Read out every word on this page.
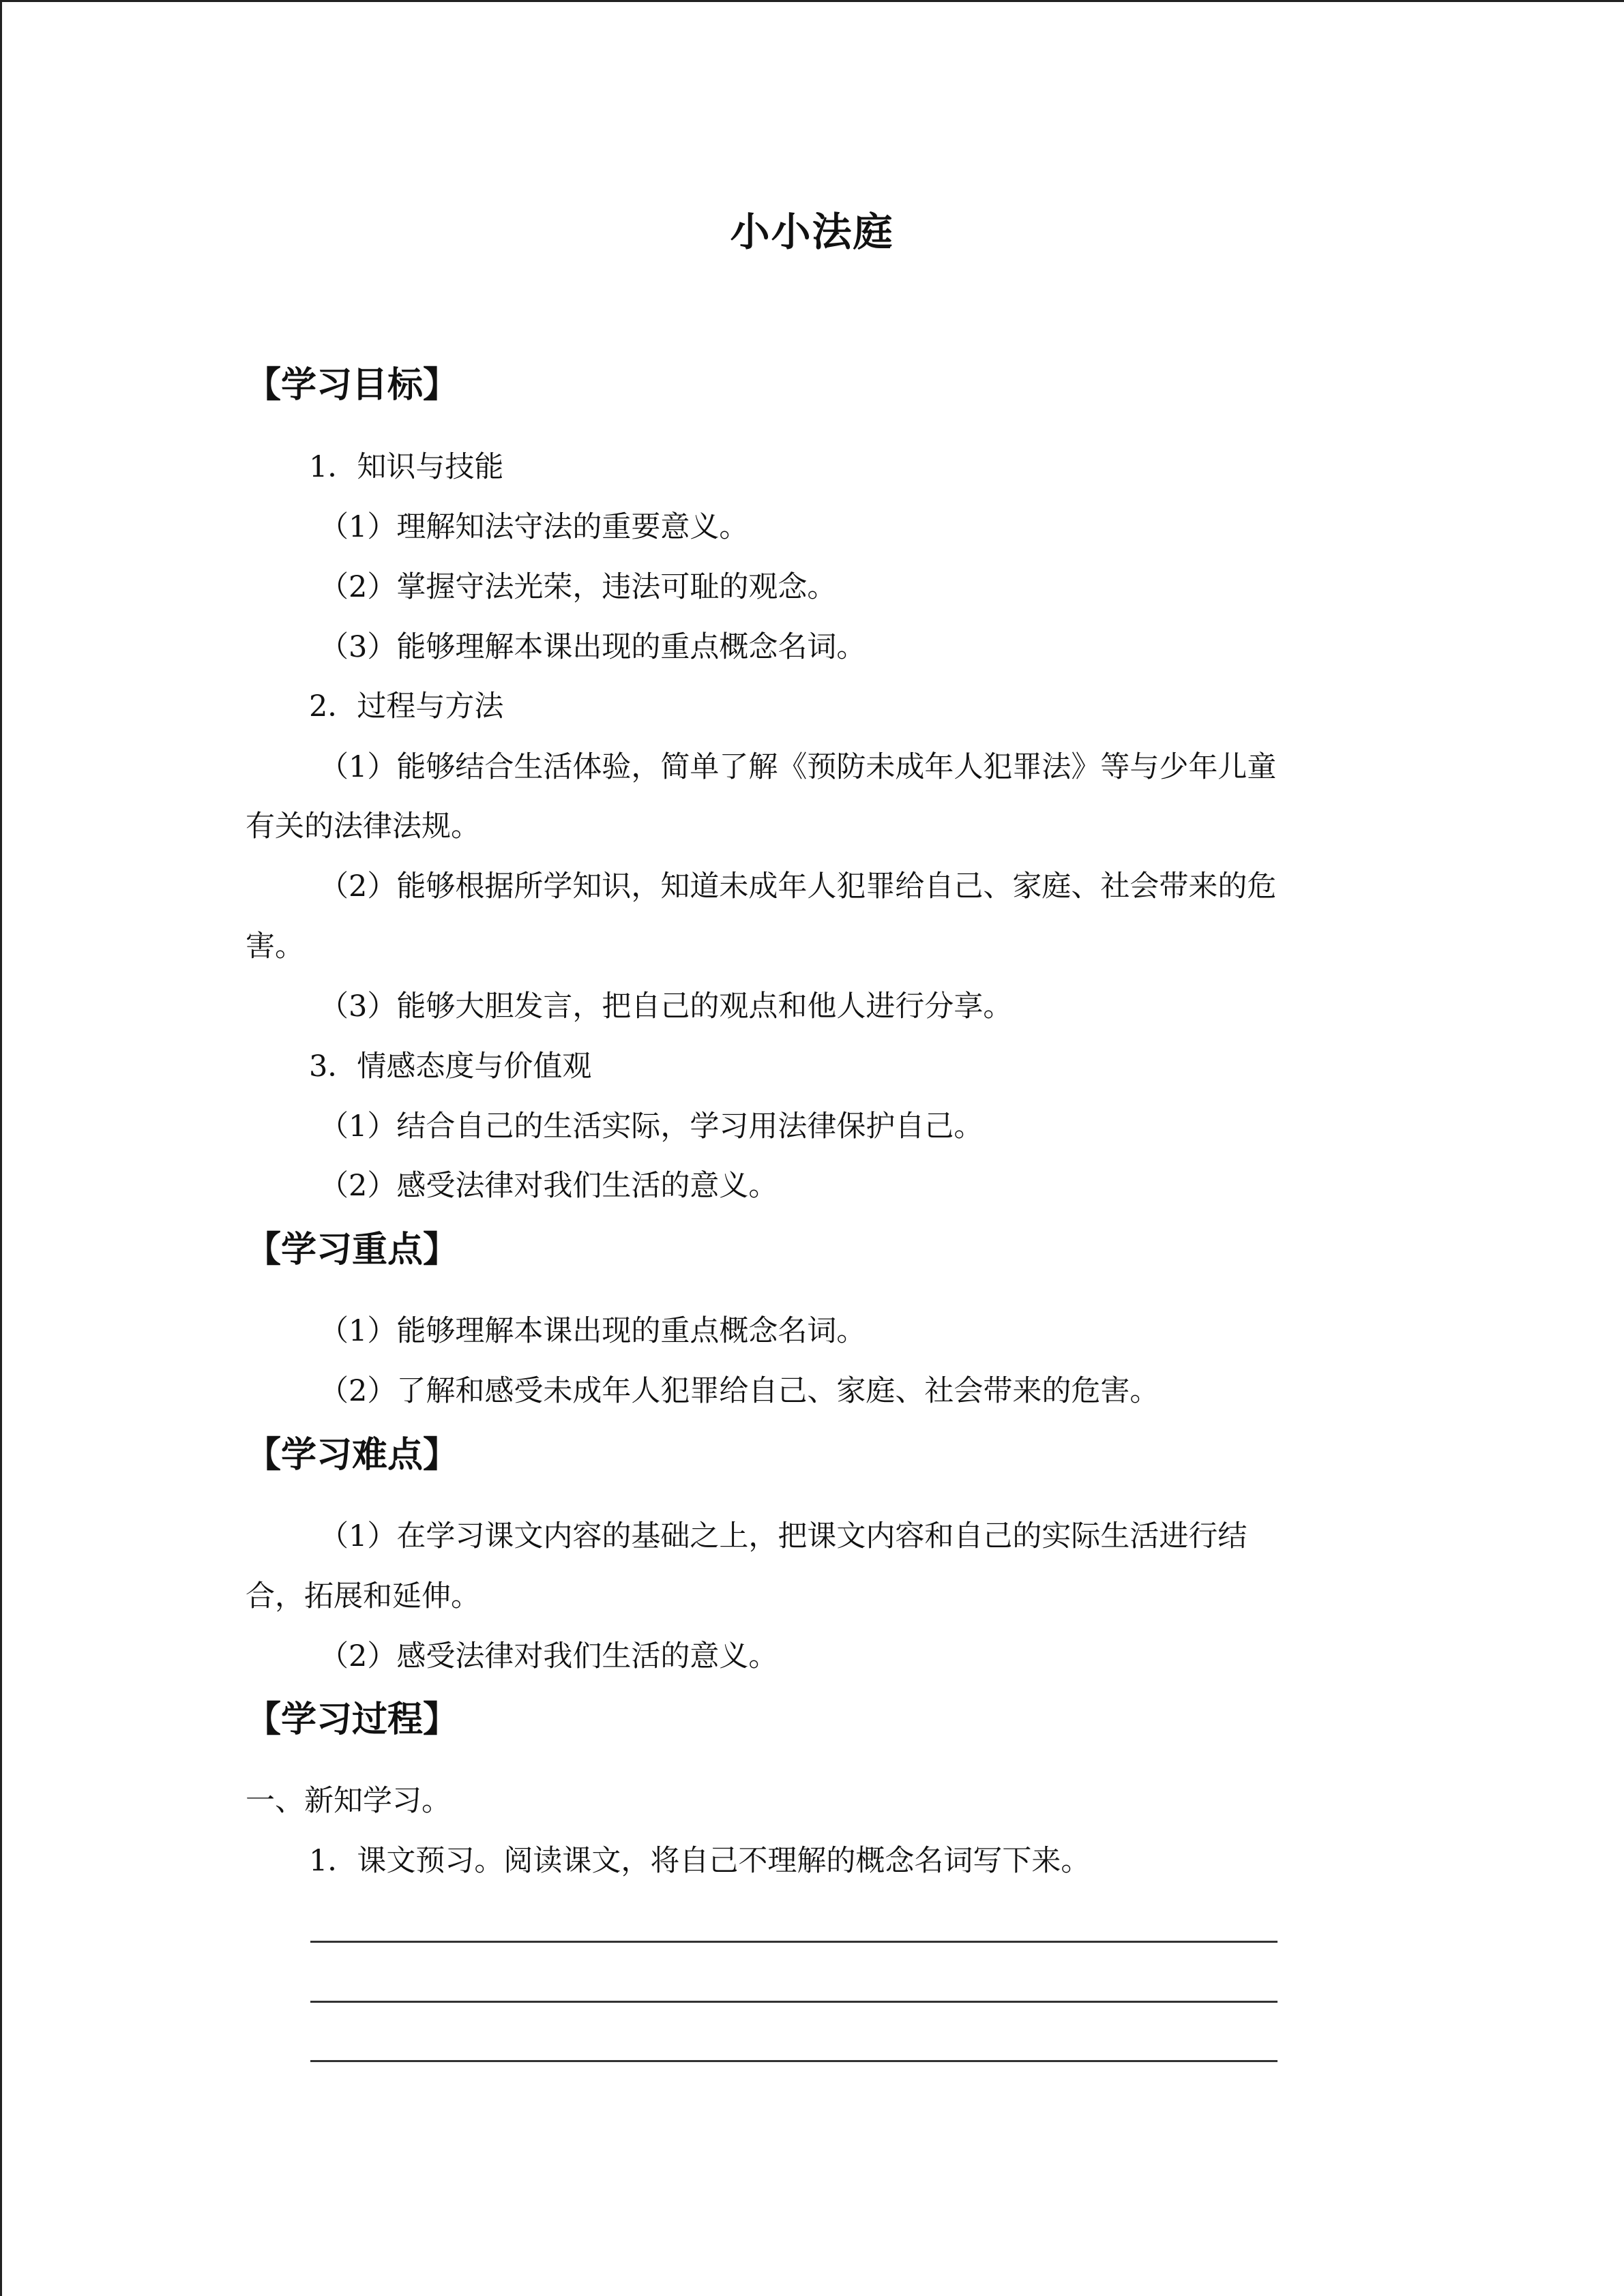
小小法庭
【学习目标】
1．知识与技能
（1）理解知法守法的重要意义。
（2）掌握守法光荣，违法可耻的观念。
（3）能够理解本课出现的重点概念名词。
2．过程与方法
（1）能够结合生活体验，简单了解《预防未成年人犯罪法》等与少年儿童
有关的法律法规。
（2）能够根据所学知识，知道未成年人犯罪给自己、家庭、社会带来的危
害。
（3）能够大胆发言，把自己的观点和他人进行分享。
3．情感态度与价值观
（1）结合自己的生活实际，学习用法律保护自己。
（2）感受法律对我们生活的意义。
【学习重点】
（1）能够理解本课出现的重点概念名词。
（2）了解和感受未成年人犯罪给自己、家庭、社会带来的危害。
【学习难点】
（1）在学习课文内容的基础之上，把课文内容和自己的实际生活进行结
合，拓展和延伸。
（2）感受法律对我们生活的意义。
【学习过程】
一、新知学习。
1．课文预习。阅读课文，将自己不理解的概念名词写下来。
